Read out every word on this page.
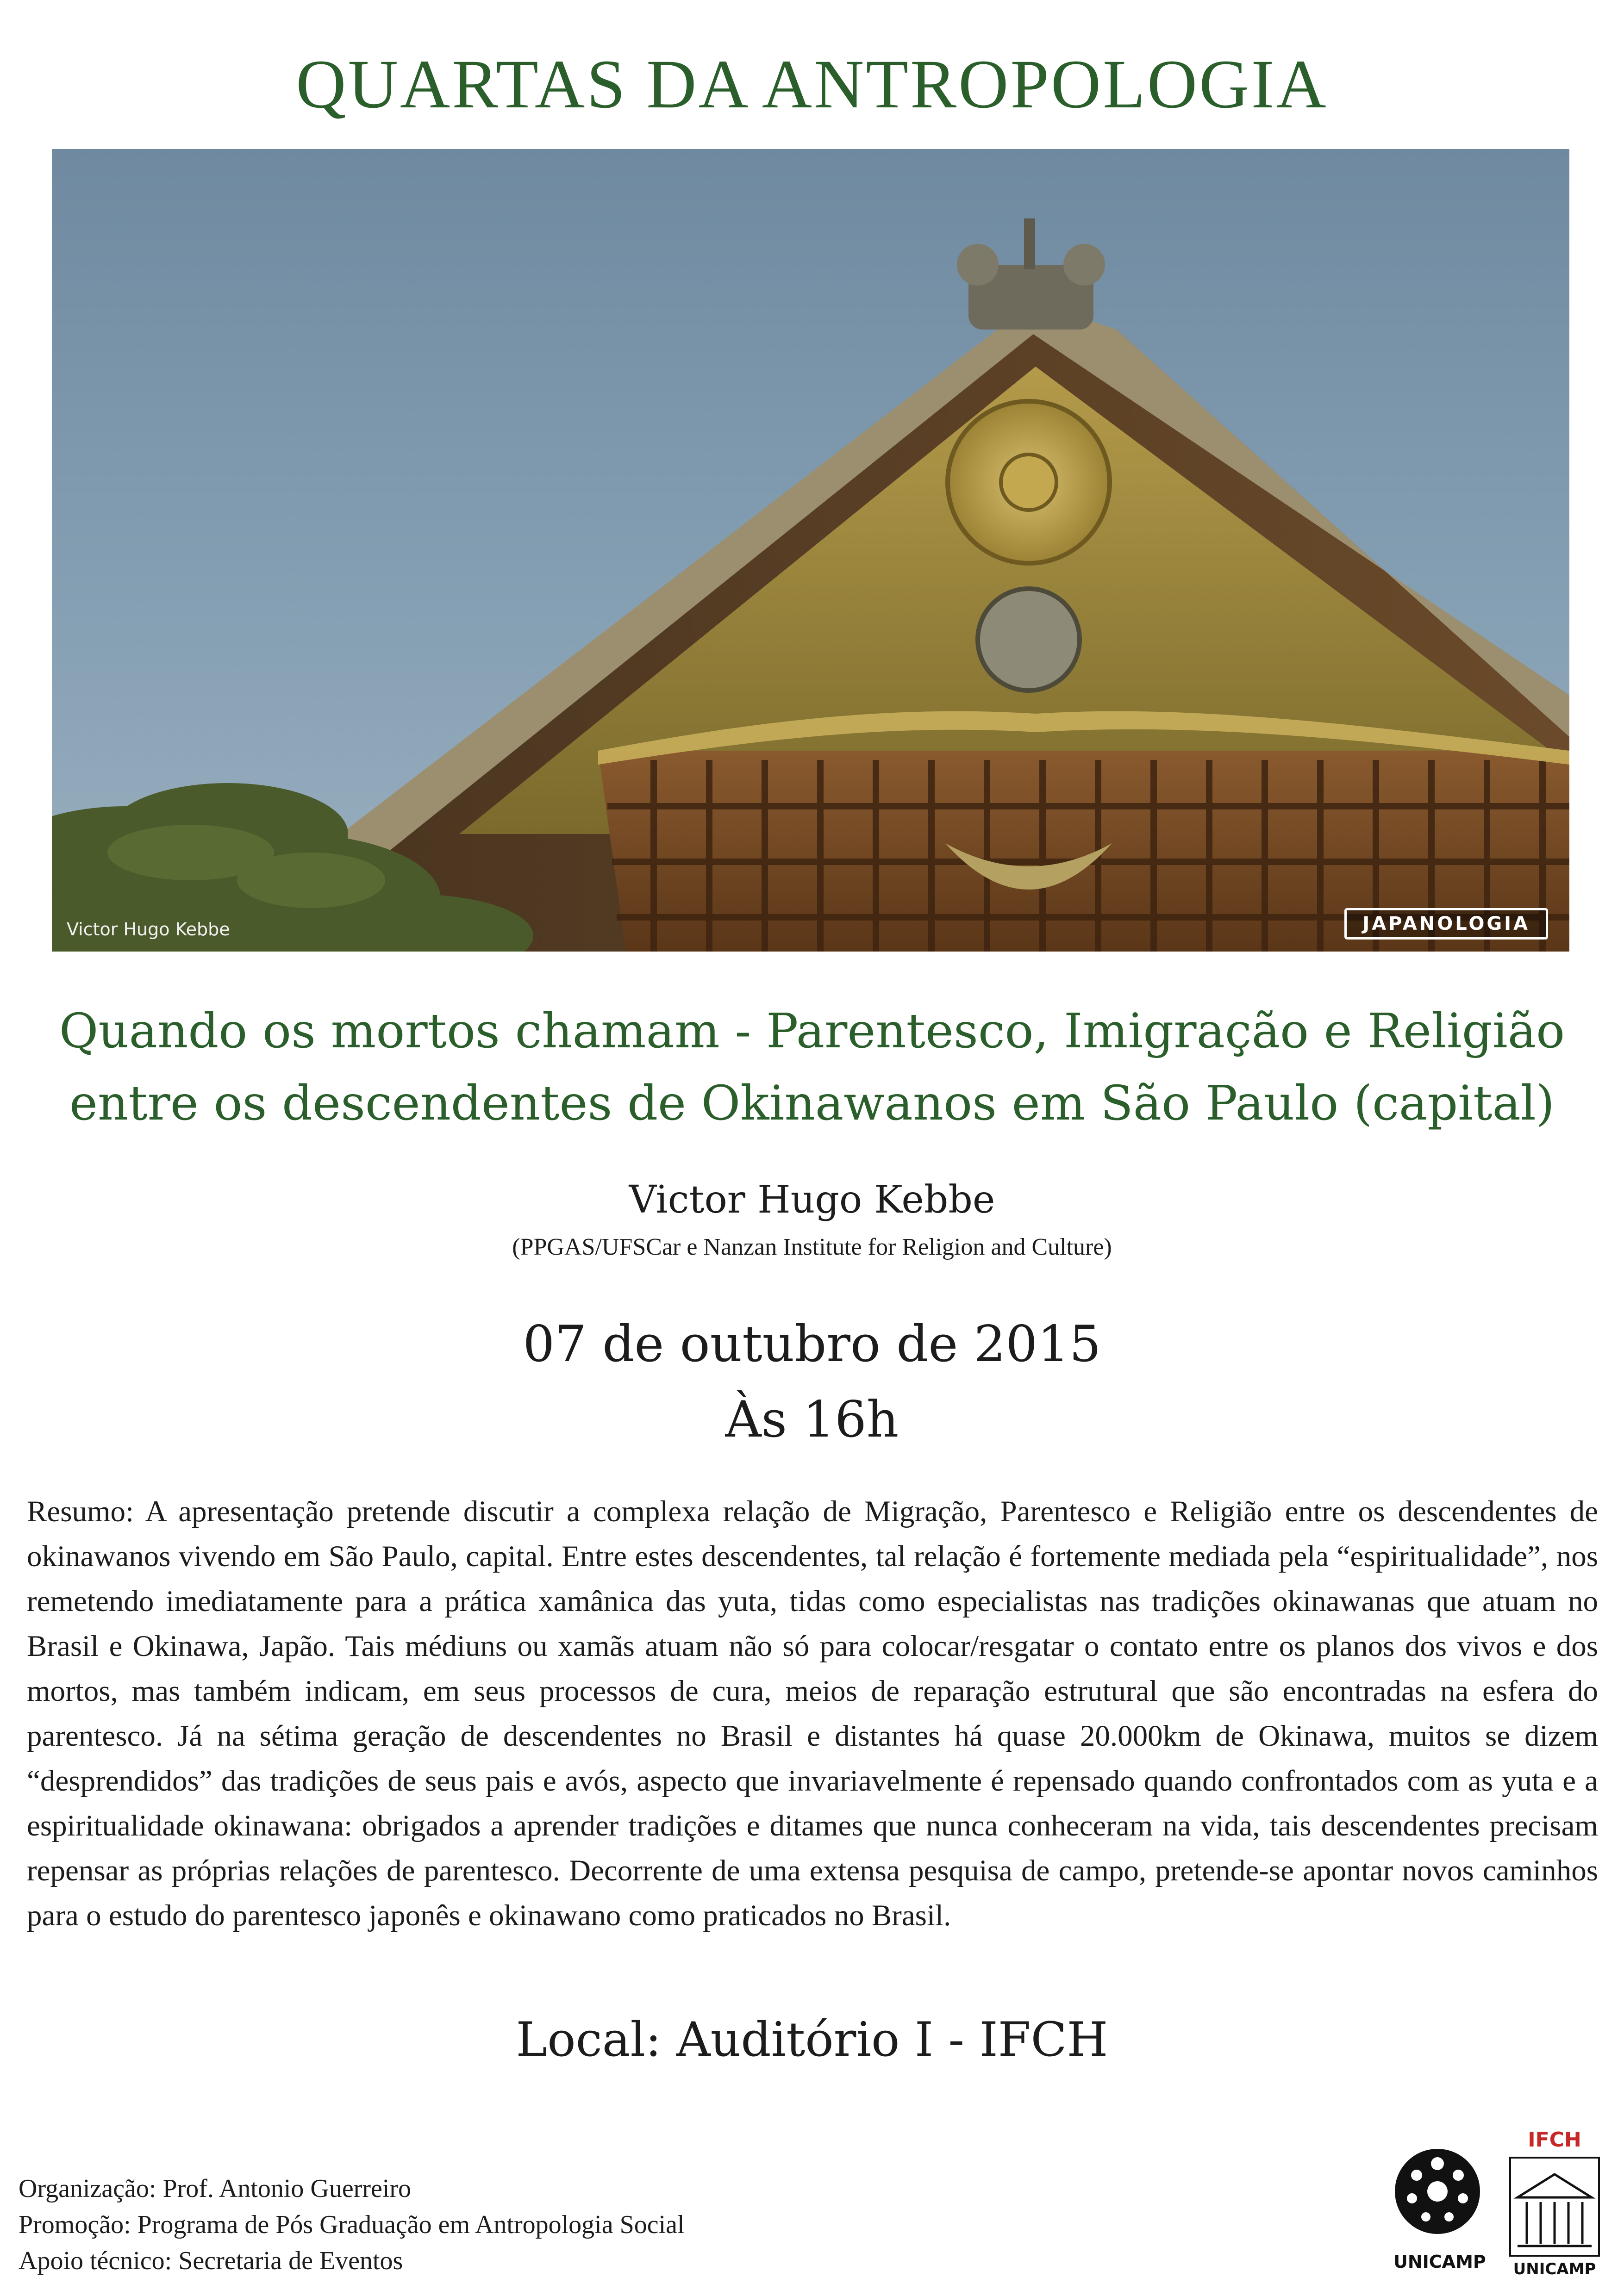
QUARTAS DA ANTROPOLOGIA
Victor Hugo Kebbe	JAPANOLOGIA
Quando os mortos chamam - Parentesco, Imigração e Religião
entre os descendentes de Okinawanos em São Paulo (capital)
Victor Hugo Kebbe
(PPGAS/UFSCar e Nanzan Institute for Religion and Culture)
07 de outubro de 2015
Às 16h
Resumo: A apresentação pretende discutir a complexa relação de Migração, Parentesco e Religião entre os descendentes de okinawanos vivendo em São Paulo, capital. Entre estes descendentes, tal relação é fortemente mediada pela “espiritualidade”, nos remetendo imediatamente para a prática xamânica das yuta, tidas como especialistas nas tradições okinawanas que atuam no Brasil e Okinawa, Japão. Tais médiuns ou xamãs atuam não só para colocar/resgatar o contato entre os planos dos vivos e dos mortos, mas também indicam, em seus processos de cura, meios de reparação estrutural que são encontradas na esfera do parentesco. Já na sétima geração de descendentes no Brasil e distantes há quase 20.000km de Okinawa, muitos se dizem “desprendidos” das tradições de seus pais e avós, aspecto que invariavelmente é repensado quando confrontados com as yuta e a espiritualidade okinawana: obrigados a aprender tradições e ditames que nunca conheceram na vida, tais descendentes precisam repensar as próprias relações de parentesco. Decorrente de uma extensa pesquisa de campo, pretende-se apontar novos caminhos para o estudo do parentesco japonês e okinawano como praticados no Brasil.
Local: Auditório I - IFCH
Organização: Prof. Antonio Guerreiro
Promoção: Programa de Pós Graduação em Antropologia Social
Apoio técnico: Secretaria de Eventos	UNICAMP
IFCH
UNICAMP
